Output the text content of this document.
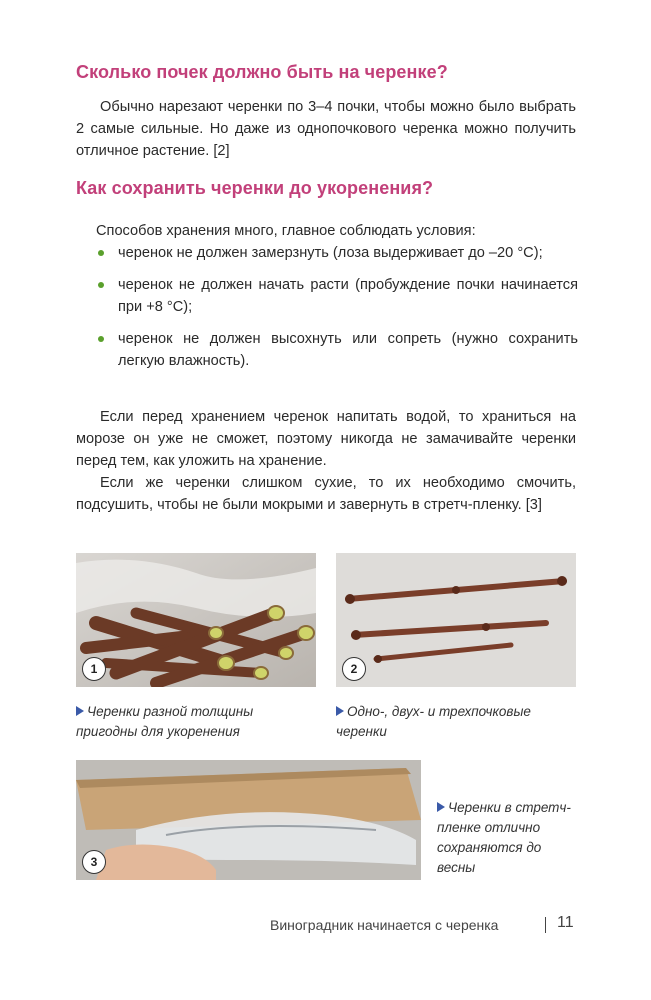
Сколько почек должно быть на черенке?

Обычно нарезают черенки по 3–4 почки, чтобы можно было выбрать 2 самые сильные. Но даже из однопочкового черенка можно получить отличное растение. [2]

Как сохранить черенки до укоренения?

Способов хранения много, главное соблюдать условия:

черенок не должен замерзнуть (лоза выдерживает до –20 °С);
черенок не должен начать расти (пробуждение почки начинается при +8 °С);
черенок не должен высохнуть или сопреть (нужно сохранить легкую влажность).

Если перед хранением черенок напитать водой, то храниться на морозе он уже не сможет, поэтому никогда не замачивайте черенки перед тем, как уложить на хранение.

Если же черенки слишком сухие, то их необходимо смочить, подсушить, чтобы не были мокрыми и завернуть в стретч-пленку. [3]

1	2

Черенки разной толщины пригодны для укоренения

Одно-, двух- и трехпочковые черенки

3

Черенки в стретч-пленке отлично сохраняются до весны

Виноградник начинается с черенка	11
